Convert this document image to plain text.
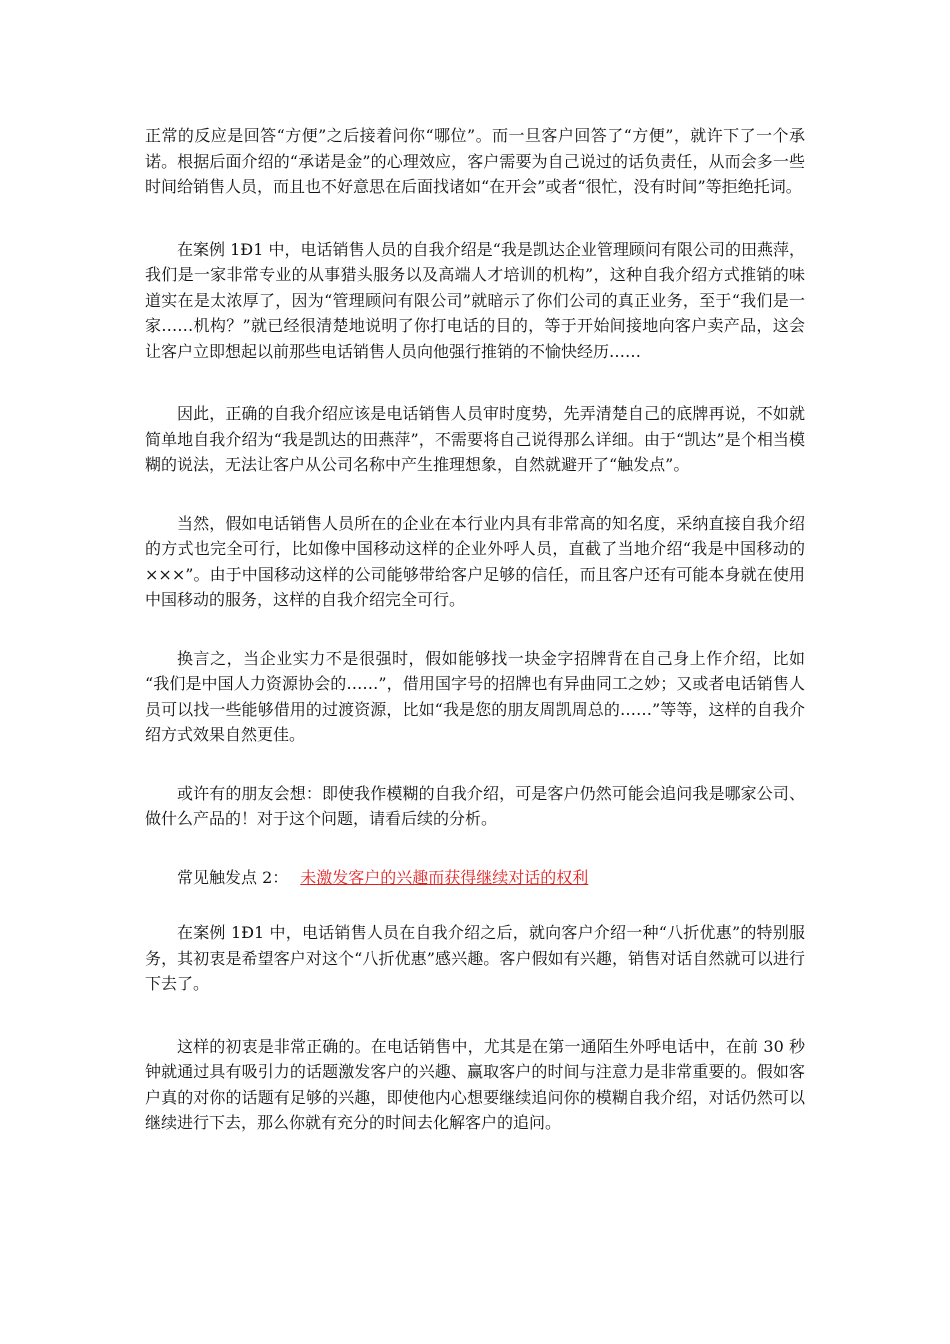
正常的反应是回答“方便”之后接着问你“哪位”。而一旦客户回答了“方便”，就许下了一个承诺。根据后面介绍的“承诺是金”的心理效应，客户需要为自己说过的话负责任，从而会多一些时间给销售人员，而且也不好意思在后面找诸如“在开会”或者“很忙，没有时间”等拒绝托词。

在案例 1Ð1 中，电话销售人员的自我介绍是“我是凯达企业管理顾问有限公司的田燕萍，我们是一家非常专业的从事猎头服务以及高端人才培训的机构”，这种自我介绍方式推销的味道实在是太浓厚了，因为“管理顾问有限公司”就暗示了你们公司的真正业务，至于“我们是一家……机构？”就已经很清楚地说明了你打电话的目的，等于开始间接地向客户卖产品，这会让客户立即想起以前那些电话销售人员向他强行推销的不愉快经历……

因此，正确的自我介绍应该是电话销售人员审时度势，先弄清楚自己的底牌再说，不如就简单地自我介绍为“我是凯达的田燕萍”，不需要将自己说得那么详细。由于“凯达”是个相当模糊的说法，无法让客户从公司名称中产生推理想象，自然就避开了“触发点”。

当然，假如电话销售人员所在的企业在本行业内具有非常高的知名度，采纳直接自我介绍的方式也完全可行，比如像中国移动这样的企业外呼人员，直截了当地介绍“我是中国移动的×××”。由于中国移动这样的公司能够带给客户足够的信任，而且客户还有可能本身就在使用中国移动的服务，这样的自我介绍完全可行。

换言之，当企业实力不是很强时，假如能够找一块金字招牌背在自己身上作介绍，比如 “我们是中国人力资源协会的……”，借用国字号的招牌也有异曲同工之妙；又或者电话销售人员可以找一些能够借用的过渡资源，比如“我是您的朋友周凯周总的……”等等，这样的自我介绍方式效果自然更佳。

或许有的朋友会想：即使我作模糊的自我介绍，可是客户仍然可能会追问我是哪家公司、做什么产品的！对于这个问题，请看后续的分析。

常见触发点 2： 未激发客户的兴趣而获得继续对话的权利

在案例 1Ð1 中，电话销售人员在自我介绍之后，就向客户介绍一种“八折优惠”的特别服务，其初衷是希望客户对这个“八折优惠”感兴趣。客户假如有兴趣，销售对话自然就可以进行下去了。

这样的初衷是非常正确的。在电话销售中，尤其是在第一通陌生外呼电话中，在前 30 秒钟就通过具有吸引力的话题激发客户的兴趣、赢取客户的时间与注意力是非常重要的。假如客户真的对你的话题有足够的兴趣，即使他内心想要继续追问你的模糊自我介绍，对话仍然可以继续进行下去，那么你就有充分的时间去化解客户的追问。
